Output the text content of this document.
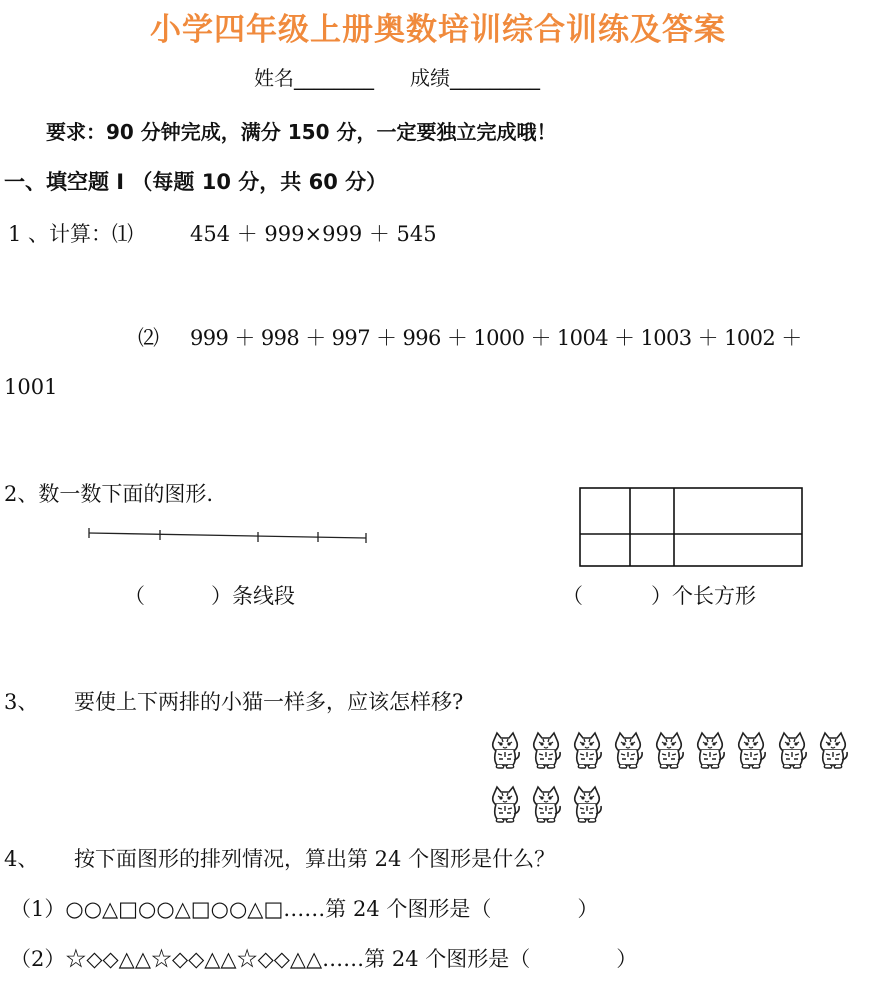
小学四年级上册奥数培训综合训练及答案
姓名________ 成绩_________
要求：90 分钟完成，满分 150 分，一定要独立完成哦！
一、填空题 I （每题 10 分，共 60 分）
1 、计算：⑴	454 ＋ 999×999 ＋ 545
⑵ 999 ＋ 998 ＋ 997 ＋ 996 ＋ 1000 ＋ 1004 ＋ 1003 ＋ 1002 ＋
1001
2、数一数下面的图形.
（	）条线段	（	）个长方形
3、 要使上下两排的小猫一样多，应该怎样移?
4、 按下面图形的排列情况，算出第 24 个图形是什么？
（1）○○△□○○△□○○△□……第 24 个图形是（	）
（2）☆◇◇△△☆◇◇△△☆◇◇△△……第 24 个图形是（	）
